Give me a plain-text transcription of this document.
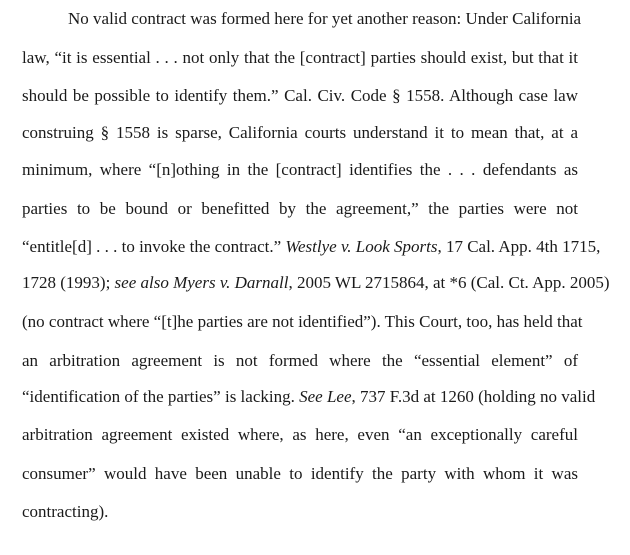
No valid contract was formed here for yet another reason: Under California
law, “it is essential . . . not only that the [contract] parties should exist, but that it
should be possible to identify them.” Cal. Civ. Code § 1558. Although case law
construing § 1558 is sparse, California courts understand it to mean that, at a
minimum, where “[n]othing in the [contract] identifies the . . . defendants as
parties to be bound or benefitted by the agreement,” the parties were not
“entitle[d] . . . to invoke the contract.” Westlye v. Look Sports, 17 Cal. App. 4th 1715,
1728 (1993); see also Myers v. Darnall, 2005 WL 2715864, at *6 (Cal. Ct. App. 2005)
(no contract where “[t]he parties are not identified”). This Court, too, has held that
an arbitration agreement is not formed where the “essential element” of
“identification of the parties” is lacking. See Lee, 737 F.3d at 1260 (holding no valid
arbitration agreement existed where, as here, even “an exceptionally careful
consumer” would have been unable to identify the party with whom it was
contracting).
